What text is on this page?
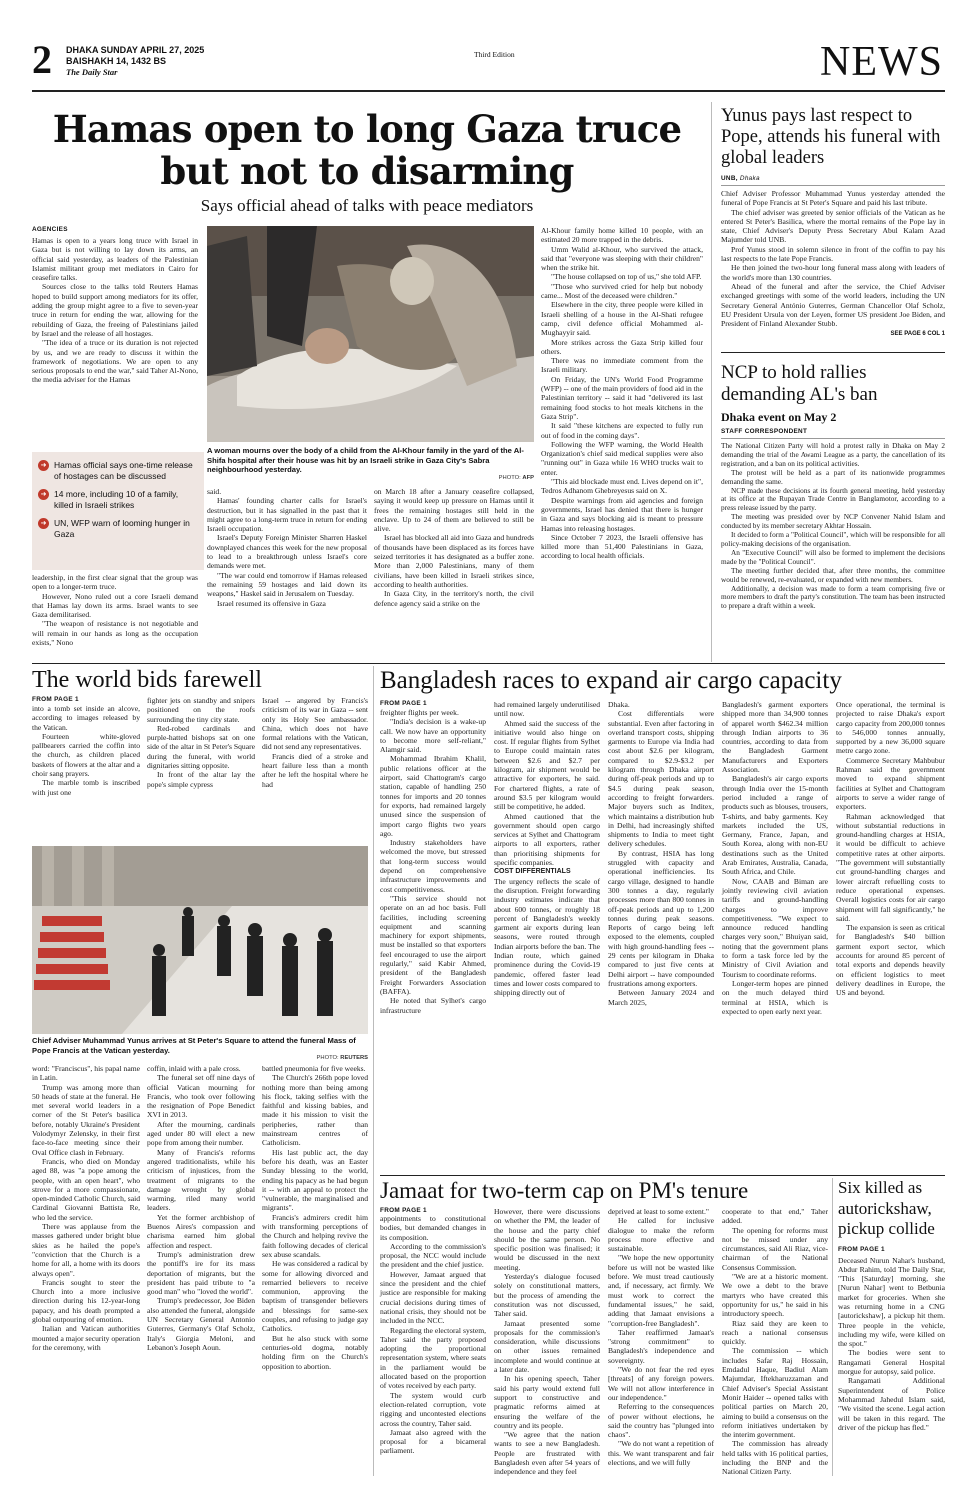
2 DHAKA SUNDAY APRIL 27, 2025
BAISHAKH 14, 1432 BS
The Daily Star
Third Edition	NEWS
Hamas open to long Gaza truce
but not to disarming
Says official ahead of talks with peace mediators
AGENCIES

Hamas is open to a years long truce with Israel in Gaza but is not willing to lay down its arms, an official said yesterday, as leaders of the Palestinian Islamist militant group met mediators in Cairo for ceasefire talks.

Sources close to the talks told Reuters Hamas hoped to build support among mediators for its offer, adding the group might agree to a five to seven-year truce in return for ending the war, allowing for the rebuilding of Gaza, the freeing of Palestinians jailed by Israel and the release of all hostages.

"The idea of a truce or its duration is not rejected by us, and we are ready to discuss it within the framework of negotiations. We are open to any serious proposals to end the war," said Taher Al-Nono, the media adviser for the Hamas

➜ Hamas official says one-time release of hostages can be discussed
➜ 14 more, including 10 of a family, killed in Israeli strikes
➜ UN, WFP warn of looming hunger in Gaza

leadership, in the first clear signal that the group was open to a longer-term truce.

However, Nono ruled out a core Israeli demand that Hamas lay down its arms. Israel wants to see Gaza demilitarised.

"The weapon of resistance is not negotiable and will remain in our hands as long as the occupation exists," Nono

A woman mourns over the body of a child from the Al-Khour family in the yard of the Al-Shifa hospital after their house was hit by an Israeli strike in Gaza City's Sabra neighbourhood yesterday.
PHOTO: AFP

said.

Hamas' founding charter calls for Israel's destruction, but it has signalled in the past that it might agree to a long-term truce in return for ending Israeli occupation.

Israel's Deputy Foreign Minister Sharren Haskel downplayed chances this week for the new proposal to lead to a breakthrough unless Israel's core demands were met.

"The war could end tomorrow if Hamas released the remaining 59 hostages and laid down its weapons," Haskel said in Jerusalem on Tuesday.

Israel resumed its offensive in Gaza

on March 18 after a January ceasefire collapsed, saying it would keep up pressure on Hamas until it frees the remaining hostages still held in the enclave. Up to 24 of them are believed to still be alive.

Israel has blocked all aid into Gaza and hundreds of thousands have been displaced as its forces have seized territories it has designated as a buffer zone. More than 2,000 Palestinians, many of them civilians, have been killed in Israeli strikes since, according to health authorities.

In Gaza City, in the territory's north, the civil defence agency said a strike on the

Al-Khour family home killed 10 people, with an estimated 20 more trapped in the debris.

Umm Walid al-Khour, who survived the attack, said that "everyone was sleeping with their children" when the strike hit.

"The house collapsed on top of us," she told AFP.

"Those who survived cried for help but nobody came... Most of the deceased were children."

Elsewhere in the city, three people were killed in Israeli shelling of a house in the Al-Shati refugee camp, civil defence official Mohammed al-Mughayyir said.

More strikes across the Gaza Strip killed four others.

There was no immediate comment from the Israeli military.

On Friday, the UN's World Food Programme (WFP) -- one of the main providers of food aid in the Palestinian territory -- said it had "delivered its last remaining food stocks to hot meals kitchens in the Gaza Strip".

It said "these kitchens are expected to fully run out of food in the coming days".

Following the WFP warning, the World Health Organization's chief said medical supplies were also "running out" in Gaza while 16 WHO trucks wait to enter.

"This aid blockade must end. Lives depend on it", Tedros Adhanom Ghebreyesus said on X.

Despite warnings from aid agencies and foreign governments, Israel has denied that there is hunger in Gaza and says blocking aid is meant to pressure Hamas into releasing hostages.

Since October 7 2023, the Israeli offensive has killed more than 51,400 Palestinians in Gaza, according to local health officials.

Yunus pays last respect to Pope, attends his funeral with global leaders
UNB, Dhaka

Chief Adviser Professor Muhammad Yunus yesterday attended the funeral of Pope Francis at St Peter's Square and paid his last tribute.

The chief adviser was greeted by senior officials of the Vatican as he entered St Peter's Basilica, where the mortal remains of the Pope lay in state, Chief Adviser's Deputy Press Secretary Abul Kalam Azad Majumder told UNB.

Prof Yunus stood in solemn silence in front of the coffin to pay his last respects to the late Pope Francis.

He then joined the two-hour long funeral mass along with leaders of the world's more than 130 countries.

Ahead of the funeral and after the service, the Chief Adviser exchanged greetings with some of the world leaders, including the UN Secretary General António Guterres, German Chancellor Olaf Scholz, EU President Ursula von der Leyen, former US president Joe Biden, and President of Finland Alexander Stubb.

SEE PAGE 6 COL 1
NCP to hold rallies demanding AL's ban
Dhaka event on May 2
STAFF CORRESPONDENT

The National Citizen Party will hold a protest rally in Dhaka on May 2 demanding the trial of the Awami League as a party, the cancellation of its registration, and a ban on its political activities.

The protest will be held as a part of its nationwide programmes demanding the same.

NCP made these decisions at its fourth general meeting, held yesterday at its office at the Rupayan Trade Centre in Banglamotor, according to a press release issued by the party.

The meeting was presided over by NCP Convener Nahid Islam and conducted by its member secretary Akhtar Hossain.

It decided to form a "Political Council", which will be responsible for all policy-making decisions of the organisation.

An "Executive Council" will also be formed to implement the decisions made by the "Political Council".

The meeting further decided that, after three months, the committee would be renewed, re-evaluated, or expanded with new members.

Additionally, a decision was made to form a team comprising five or more members to draft the party's constitution. The team has been instructed to prepare a draft within a week.

The world bids farewell
FROM PAGE 1

into a tomb set inside an alcove, according to images released by the Vatican.

Fourteen white-gloved pallbearers carried the coffin into the church, as children placed baskets of flowers at the altar and a choir sang prayers.

The marble tomb is inscribed with just one

fighter jets on standby and snipers positioned on the roofs surrounding the tiny city state.

Red-robed cardinals and purple-hatted bishops sat on one side of the altar in St Peter's Square during the funeral, with world dignitaries sitting opposite.

In front of the altar lay the pope's simple cypress

Israel -- angered by Francis's criticism of its war in Gaza -- sent only its Holy See ambassador. China, which does not have formal relations with the Vatican, did not send any representatives.

Francis died of a stroke and heart failure less than a month after he left the hospital where he had

Chief Adviser Muhammad Yunus arrives at St Peter's Square to attend the funeral Mass of Pope Francis at the Vatican yesterday.
PHOTO: REUTERS

word: "Franciscus", his papal name in Latin.

Trump was among more than 50 heads of state at the funeral. He met several world leaders in a corner of the St Peter's basilica before, notably Ukraine's President Volodymyr Zelensky, in their first face-to-face meeting since their Oval Office clash in February.

Francis, who died on Monday aged 88, was "a pope among the people, with an open heart", who strove for a more compassionate, open-minded Catholic Church, said Cardinal Giovanni Battista Re, who led the service.

There was applause from the masses gathered under bright blue skies as he hailed the pope's "conviction that the Church is a home for all, a home with its doors always open".

Francis sought to steer the Church into a more inclusive direction during his 12-year-long papacy, and his death prompted a global outpouring of emotion.

Italian and Vatican authorities mounted a major security operation for the ceremony, with

coffin, inlaid with a pale cross.

The funeral set off nine days of official Vatican mourning for Francis, who took over following the resignation of Pope Benedict XVI in 2013.

After the mourning, cardinals aged under 80 will elect a new pope from among their number.

Many of Francis's reforms angered traditionalists, while his criticism of injustices, from the treatment of migrants to the damage wrought by global warming, riled many world leaders.

Yet the former archbishop of Buenos Aires's compassion and charisma earned him global affection and respect.

Trump's administration drew the pontiff's ire for its mass deportation of migrants, but the president has paid tribute to "a good man" who "loved the world".

Trump's predecessor, Joe Biden also attended the funeral, alongside UN Secretary General Antonio Guterres, Germany's Olaf Scholz, Italy's Giorgia Meloni, and Lebanon's Joseph Aoun.

battled pneumonia for five weeks.

The Church's 266th pope loved nothing more than being among his flock, taking selfies with the faithful and kissing babies, and made it his mission to visit the peripheries, rather than mainstream centres of Catholicism.

His last public act, the day before his death, was an Easter Sunday blessing to the world, ending his papacy as he had begun it -- with an appeal to protect the "vulnerable, the marginalised and migrants".

Francis's admirers credit him with transforming perceptions of the Church and helping revive the faith following decades of clerical sex abuse scandals.

He was considered a radical by some for allowing divorced and remarried believers to receive communion, approving the baptism of transgender believers and blessings for same-sex couples, and refusing to judge gay Catholics.

But he also stuck with some centuries-old dogma, notably holding firm on the Church's opposition to abortion.

Bangladesh races to expand air cargo capacity
FROM PAGE 1

freighter flights per week.

"India's decision is a wake-up call. We now have an opportunity to become more self-reliant," Alamgir said.

Mohammad Ibrahim Khalil, public relations officer at the airport, said Chattogram's cargo station, capable of handling 250 tonnes for imports and 20 tonnes for exports, had remained largely unused since the suspension of import cargo flights two years ago.

Industry stakeholders have welcomed the move, but stressed that long-term success would depend on comprehensive infrastructure improvements and cost competitiveness.

"This service should not operate on an ad hoc basis. Full facilities, including screening equipment and scanning machinery for export shipments, must be installed so that exporters feel encouraged to use the airport regularly," said Kabir Ahmed, president of the Bangladesh Freight Forwarders Association (BAFFA).

He noted that Sylhet's cargo infrastructure

had remained largely underutilised until now.

Ahmed said the success of the initiative would also hinge on cost. If regular flights from Sylhet to Europe could maintain rates between $2.6 and $2.7 per kilogram, air shipment would be attractive for exporters, he said. For chartered flights, a rate of around $3.5 per kilogram would still be competitive, he added.

Ahmed cautioned that the government should open cargo services at Sylhet and Chattogram airports to all exporters, rather than prioritising shipments for specific companies.

COST DIFFERENTIALS

The urgency reflects the scale of the disruption. Freight forwarding industry estimates indicate that about 600 tonnes, or roughly 18 percent of Bangladesh's weekly garment air exports during lean seasons, were routed through Indian airports before the ban. The Indian route, which gained prominence during the Covid-19 pandemic, offered faster lead times and lower costs compared to shipping directly out of

Dhaka.

Cost differentials were substantial. Even after factoring in overland transport costs, shipping garments to Europe via India had cost about $2.6 per kilogram, compared to $2.9-$3.2 per kilogram through Dhaka airport during off-peak periods and up to $4.5 during peak season, according to freight forwarders. Major buyers such as Inditex, which maintains a distribution hub in Delhi, had increasingly shifted shipments to India to meet tight delivery schedules.

By contrast, HSIA has long struggled with capacity and operational inefficiencies. Its cargo village, designed to handle 300 tonnes a day, regularly processes more than 800 tonnes in off-peak periods and up to 1,200 tonnes during peak seasons. Reports of cargo being left exposed to the elements, coupled with high ground-handling fees -- 29 cents per kilogram in Dhaka compared to just five cents at Delhi airport -- have compounded frustrations among exporters.

Between January 2024 and March 2025,

Bangladesh's garment exporters shipped more than 34,900 tonnes of apparel worth $462.34 million through Indian airports to 36 countries, according to data from the Bangladesh Garment Manufacturers and Exporters Association.

Bangladesh's air cargo exports through India over the 15-month period included a range of products such as blouses, trousers, T-shirts, and baby garments. Key markets included the US, Germany, France, Japan, and South Korea, along with non-EU destinations such as the United Arab Emirates, Australia, Canada, South Africa, and Chile.

Now, CAAB and Biman are jointly reviewing civil aviation tariffs and ground-handling charges to improve competitiveness. "We expect to announce reduced handling charges very soon," Bhuiyan said, noting that the government plans to form a task force led by the Ministry of Civil Aviation and Tourism to coordinate reforms.

Longer-term hopes are pinned on the much delayed third terminal at HSIA, which is expected to open early next year.

Once operational, the terminal is projected to raise Dhaka's export cargo capacity from 200,000 tonnes to 546,000 tonnes annually, supported by a new 36,000 square metre cargo zone.

Commerce Secretary Mahbubur Rahman said the government moved to expand shipment facilities at Sylhet and Chattogram airports to serve a wider range of exporters.

Rahman acknowledged that without substantial reductions in ground-handling charges at HSIA, it would be difficult to achieve competitive rates at other airports. "The government will substantially cut ground-handling charges and lower aircraft refuelling costs to reduce operational expenses. Overall logistics costs for air cargo shipment will fall significantly," he said.

The expansion is seen as critical for Bangladesh's $40 billion garment export sector, which accounts for around 85 percent of total exports and depends heavily on efficient logistics to meet delivery deadlines in Europe, the US and beyond.

Jamaat for two-term cap on PM's tenure
FROM PAGE 1

appointments to constitutional bodies, but demanded changes in its composition.

According to the commission's proposal, the NCC would include the president and the chief justice.

However, Jamaat argued that since the president and the chief justice are responsible for making crucial decisions during times of national crisis, they should not be included in the NCC.

Regarding the electoral system, Taher said the party proposed adopting the proportional representation system, where seats in the parliament would be allocated based on the proportion of votes received by each party.

The system would curb election-related corruption, vote rigging and uncontested elections across the country, Taher said.

Jamaat also agreed with the proposal for a bicameral parliament.

However, there were discussions on whether the PM, the leader of the house and the party chief should be the same person. No specific position was finalised; it would be discussed in the next meeting.

Yesterday's dialogue focused solely on constitutional matters, but the process of amending the constitution was not discussed, Taher said.

Jamaat presented some proposals for the commission's consideration, while discussions on other issues remained incomplete and would continue at a later date.

In his opening speech, Taher said his party would extend full support to constructive and pragmatic reforms aimed at ensuring the welfare of the country and its people.

"We agree that the nation wants to see a new Bangladesh. People are frustrated with Bangladesh even after 54 years of independence and they feel

deprived at least to some extent."

He called for inclusive dialogue to make the reform process more effective and sustainable.

"We hope the new opportunity before us will not be wasted like before. We must tread cautiously and, if necessary, act firmly. We must work to correct the fundamental issues," he said, adding that Jamaat envisions a "corruption-free Bangladesh".

Taher reaffirmed Jamaat's "strong commitment" to Bangladesh's independence and sovereignty.

"We do not fear the red eyes [threats] of any foreign powers. We will not allow interference in our independence."

Referring to the consequences of power without elections, he said the country has "plunged into chaos".

"We do not want a repetition of this. We want transparent and fair elections, and we will fully

cooperate to that end," Taher added.

The opening for reforms must not be missed under any circumstances, said Ali Riaz, vice-chairman of the National Consensus Commission.

"We are at a historic moment. We owe a debt to the brave martyrs who have created this opportunity for us," he said in his introductory speech.

Riaz said they are keen to reach a national consensus quickly.

The commission -- which includes Safar Raj Hossain, Emdadul Haque, Badiul Alam Majumdar, Iftekharuzzaman and Chief Adviser's Special Assistant Monir Haider -- opened talks with political parties on March 20, aiming to build a consensus on the reform initiatives undertaken by the interim government.

The commission has already held talks with 16 political parties, including the BNP and the National Citizen Party.

Six killed as autorickshaw, pickup collide
FROM PAGE 1

Deceased Nurun Nahar's husband, Abdur Rahim, told The Daily Star, "This [Saturday] morning, she [Nurun Nahar] went to Betbunia market for groceries. When she was returning home in a CNG [autorickshaw], a pickup hit them. Three people in the vehicle, including my wife, were killed on the spot."

The bodies were sent to Rangamati General Hospital morgue for autopsy, said police.

Rangamati Additional Superintendent of Police Mohammad Jahedul Islam said, "We visited the scene. Legal action will be taken in this regard. The driver of the pickup has fled."
